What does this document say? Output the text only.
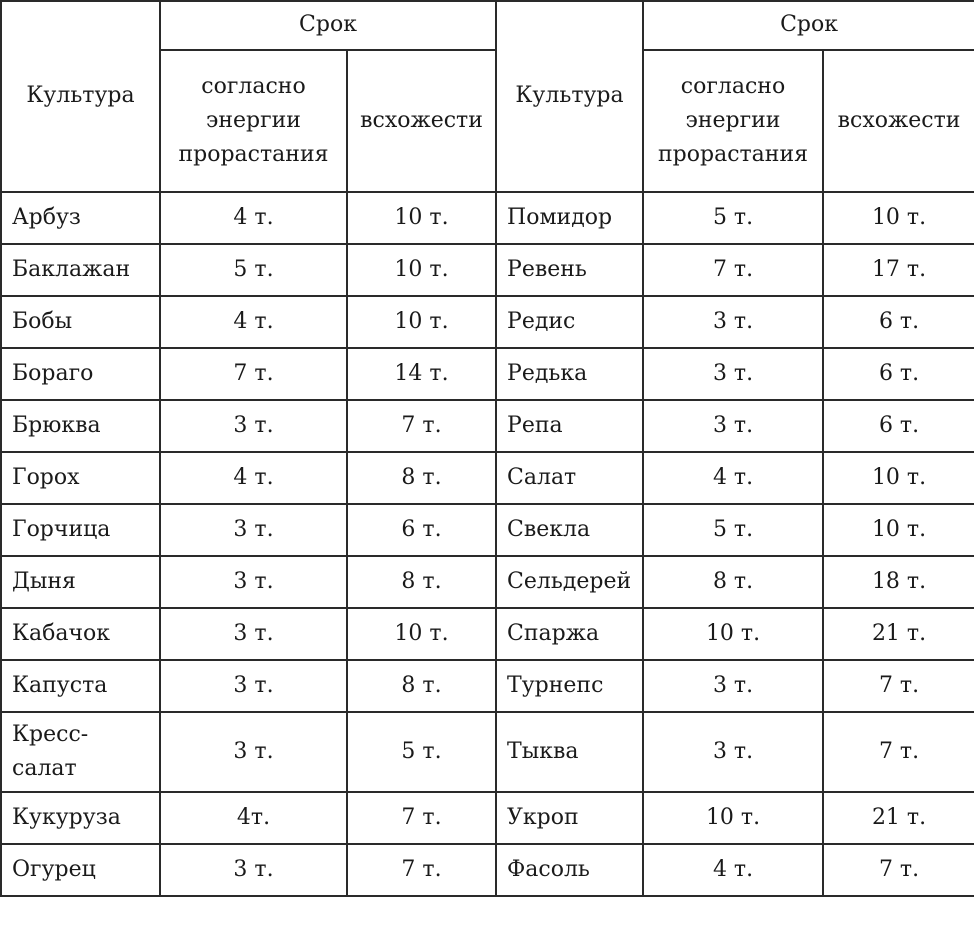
Культура	Срок		Культура	Срок	
	согласно энергии прорастания	всхожести		согласно энергии прорастания	всхожести
Арбуз	4 т.	10 т.	Помидор	5 т.	10 т.
Баклажан	5 т.	10 т.	Ревень	7 т.	17 т.
Бобы	4 т.	10 т.	Редис	3 т.	6 т.
Бораго	7 т.	14 т.	Редька	3 т.	6 т.
Брюква	3 т.	7 т.	Репа	3 т.	6 т.
Горох	4 т.	8 т.	Салат	4 т.	10 т.
Горчица	3 т.	6 т.	Свекла	5 т.	10 т.
Дыня	3 т.	8 т.	Сельдерей	8 т.	18 т.
Кабачок	3 т.	10 т.	Спаржа	10 т.	21 т.
Капуста	3 т.	8 т.	Турнепс	3 т.	7 т.
Кресс-салат	3 т.	5 т.	Тыква	3 т.	7 т.
Кукуруза	4т.	7 т.	Укроп	10 т.	21 т.
Огурец	3 т.	7 т.	Фасоль	4 т.	7 т.
